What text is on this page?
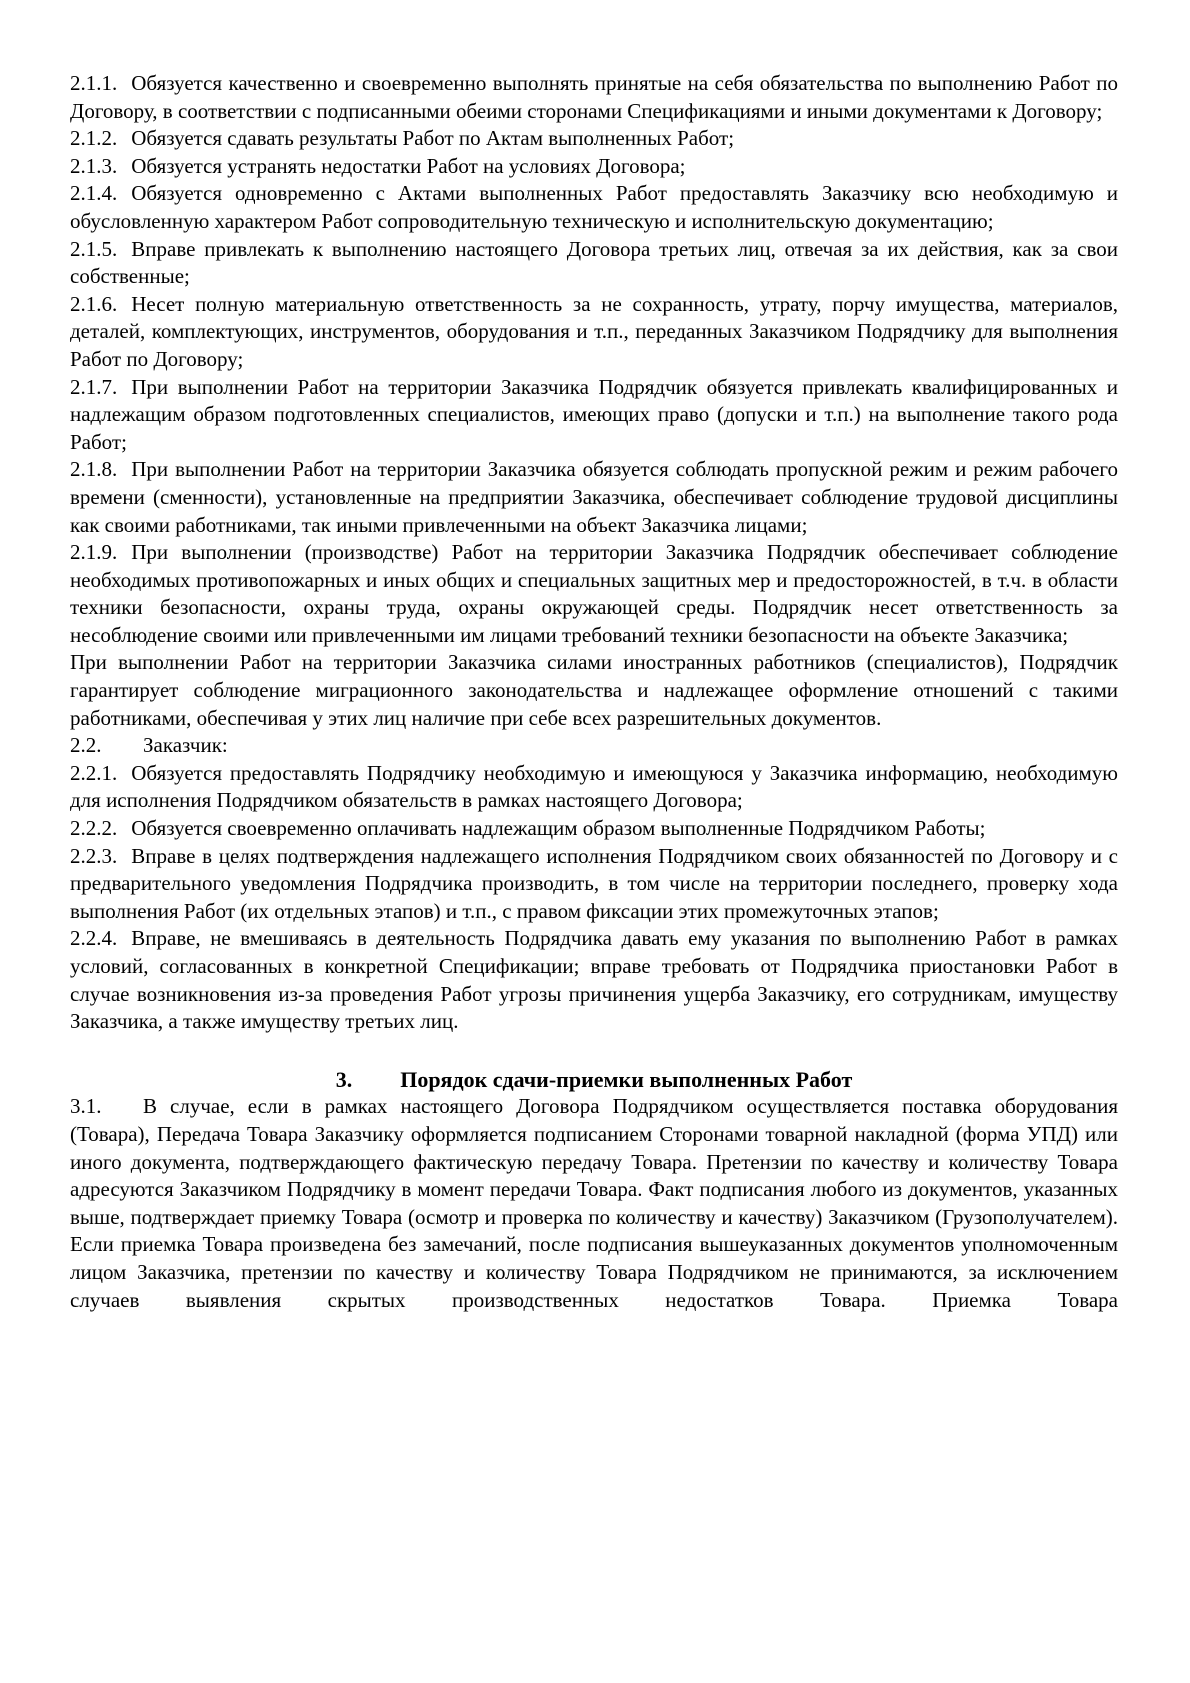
2.1.1. Обязуется качественно и своевременно выполнять принятые на себя обязательства по выполнению Работ по Договору, в соответствии с подписанными обеими сторонами Спецификациями и иными документами к Договору;

2.1.2. Обязуется сдавать результаты Работ по Актам выполненных Работ;

2.1.3. Обязуется устранять недостатки Работ на условиях Договора;

2.1.4. Обязуется одновременно с Актами выполненных Работ предоставлять Заказчику всю необходимую и обусловленную характером Работ сопроводительную техническую и исполнительскую документацию;

2.1.5. Вправе привлекать к выполнению настоящего Договора третьих лиц, отвечая за их действия, как за свои собственные;

2.1.6. Несет полную материальную ответственность за не сохранность, утрату, порчу имущества, материалов, деталей, комплектующих, инструментов, оборудования и т.п., переданных Заказчиком Подрядчику для выполнения Работ по Договору;

2.1.7. При выполнении Работ на территории Заказчика Подрядчик обязуется привлекать квалифицированных и надлежащим образом подготовленных специалистов, имеющих право (допуски и т.п.) на выполнение такого рода Работ;

2.1.8. При выполнении Работ на территории Заказчика обязуется соблюдать пропускной режим и режим рабочего времени (сменности), установленные на предприятии Заказчика, обеспечивает соблюдение трудовой дисциплины как своими работниками, так иными привлеченными на объект Заказчика лицами;

2.1.9. При выполнении (производстве) Работ на территории Заказчика Подрядчик обеспечивает соблюдение необходимых противопожарных и иных общих и специальных защитных мер и предосторожностей, в т.ч. в области техники безопасности, охраны труда, охраны окружающей среды. Подрядчик несет ответственность за несоблюдение своими или привлеченными им лицами требований техники безопасности на объекте Заказчика;

При выполнении Работ на территории Заказчика силами иностранных работников (специалистов), Подрядчик гарантирует соблюдение миграционного законодательства и надлежащее оформление отношений с такими работниками, обеспечивая у этих лиц наличие при себе всех разрешительных документов.

2.2. Заказчик:

2.2.1. Обязуется предоставлять Подрядчику необходимую и имеющуюся у Заказчика информацию, необходимую для исполнения Подрядчиком обязательств в рамках настоящего Договора;

2.2.2. Обязуется своевременно оплачивать надлежащим образом выполненные Подрядчиком Работы;

2.2.3. Вправе в целях подтверждения надлежащего исполнения Подрядчиком своих обязанностей по Договору и с предварительного уведомления Подрядчика производить, в том числе на территории последнего, проверку хода выполнения Работ (их отдельных этапов) и т.п., с правом фиксации этих промежуточных этапов;

2.2.4. Вправе, не вмешиваясь в деятельность Подрядчика давать ему указания по выполнению Работ в рамках условий, согласованных в конкретной Спецификации; вправе требовать от Подрядчика приостановки Работ в случае возникновения из-за проведения Работ угрозы причинения ущерба Заказчику, его сотрудникам, имуществу Заказчика, а также имуществу третьих лиц.

3. Порядок сдачи-приемки выполненных Работ

3.1. В случае, если в рамках настоящего Договора Подрядчиком осуществляется поставка оборудования (Товара), Передача Товара Заказчику оформляется подписанием Сторонами товарной накладной (форма УПД) или иного документа, подтверждающего фактическую передачу Товара. Претензии по качеству и количеству Товара адресуются Заказчиком Подрядчику в момент передачи Товара. Факт подписания любого из документов, указанных выше, подтверждает приемку Товара (осмотр и проверка по количеству и качеству) Заказчиком (Грузополучателем). Если приемка Товара произведена без замечаний, после подписания вышеуказанных документов уполномоченным лицом Заказчика, претензии по качеству и количеству Товара Подрядчиком не принимаются, за исключением случаев выявления скрытых производственных недостатков Товара. Приемка Товара
